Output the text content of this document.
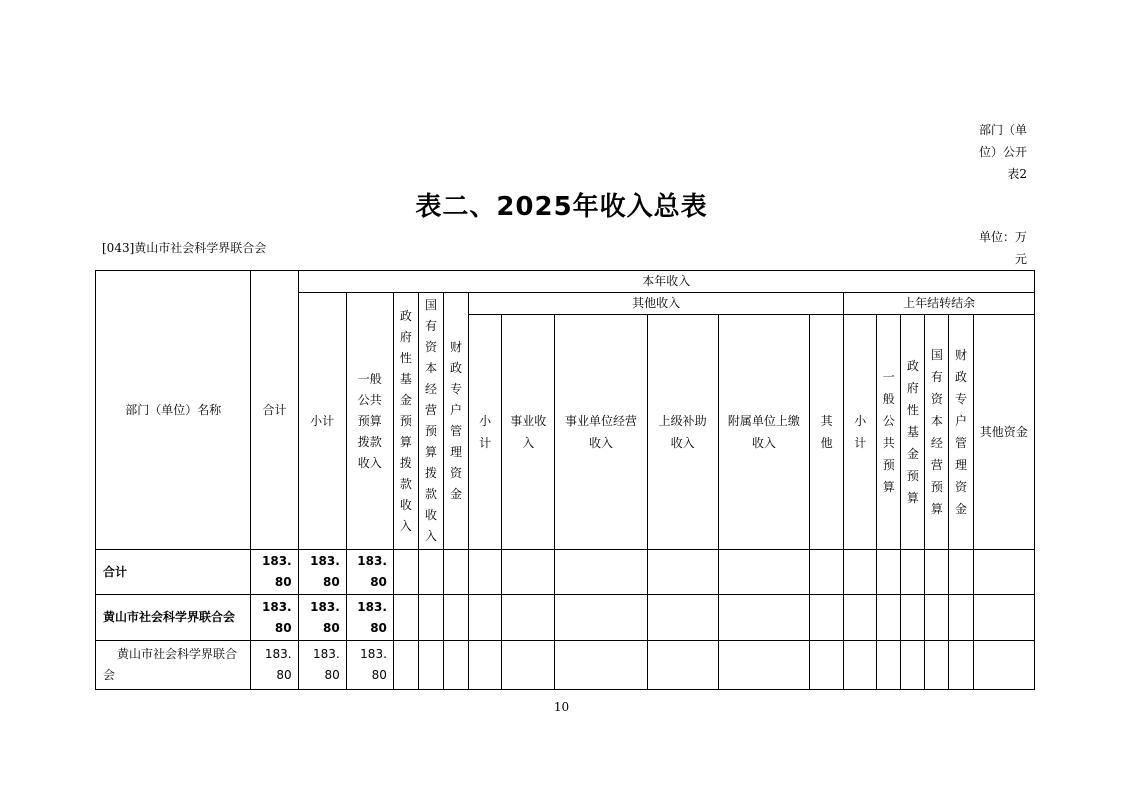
部门（单位）公开表2
表二、2025年收入总表
[043]黄山市社会科学界联合会
单位：万元
部门（单位）名称	合计	本年收入																
		小计	一般公共预算拨款收入	政府性基金预算拨款收入	国有资本经营预算拨款收入	财政专户管理资金	其他收入						上年结转结余					
							小计	事业收入	事业单位经营收入	上级补助收入	附属单位上缴收入	其他	小计	一般公共预算	政府性基金预算	国有资本经营预算	财政专户管理资金	其他资金
合计	183.80	183.80	183.80															
黄山市社会科学界联合会	183.80	183.80	183.80															
黄山市社会科学界联合会	183.80	183.80	183.80															
10
